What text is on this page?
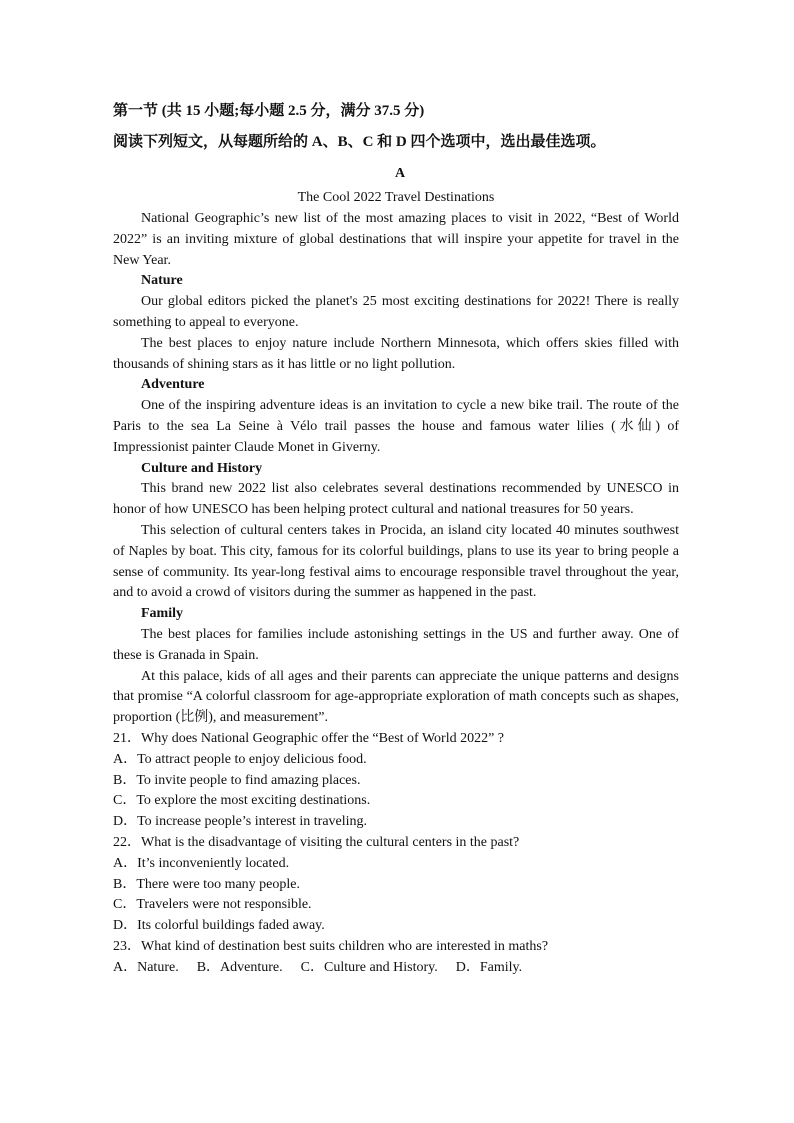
第一节 (共 15 小题;每小题 2.5 分，满分 37.5 分)

阅读下列短文，从每题所给的 A、B、C 和 D 四个选项中，选出最佳选项。

A

The Cool 2022 Travel Destinations

National Geographic’s new list of the most amazing places to visit in 2022, “Best of World 2022” is an inviting mixture of global destinations that will inspire your appetite for travel in the New Year.

Nature

Our global editors picked the planet's 25 most exciting destinations for 2022! There is really something to appeal to everyone.

The best places to enjoy nature include Northern Minnesota, which offers skies filled with thousands of shining stars as it has little or no light pollution.

Adventure

One of the inspiring adventure ideas is an invitation to cycle a new bike trail. The route of the Paris to the sea La Seine à Vélo trail passes the house and famous water lilies (水仙) of Impressionist painter Claude Monet in Giverny.

Culture and History

This brand new 2022 list also celebrates several destinations recommended by UNESCO in honor of how UNESCO has been helping protect cultural and national treasures for 50 years.

This selection of cultural centers takes in Procida, an island city located 40 minutes southwest of Naples by boat. This city, famous for its colorful buildings, plans to use its year to bring people a sense of community. Its year-long festival aims to encourage responsible travel throughout the year, and to avoid a crowd of visitors during the summer as happened in the past.

Family

The best places for families include astonishing settings in the US and further away. One of these is Granada in Spain.

At this palace, kids of all ages and their parents can appreciate the unique patterns and designs that promise “A colorful classroom for age-appropriate exploration of math concepts such as shapes, proportion (比例), and measurement”.

21．Why does National Geographic offer the “Best of World 2022” ?

A．To attract people to enjoy delicious food.

B．To invite people to find amazing places.

C．To explore the most exciting destinations.

D．To increase people’s interest in traveling.

22．What is the disadvantage of visiting the cultural centers in the past?

A．It’s inconveniently located.

B．There were too many people.

C．Travelers were not responsible.

D．Its colorful buildings faded away.

23．What kind of destination best suits children who are interested in maths?

A．Nature. B．Adventure. C．Culture and History. D．Family.
